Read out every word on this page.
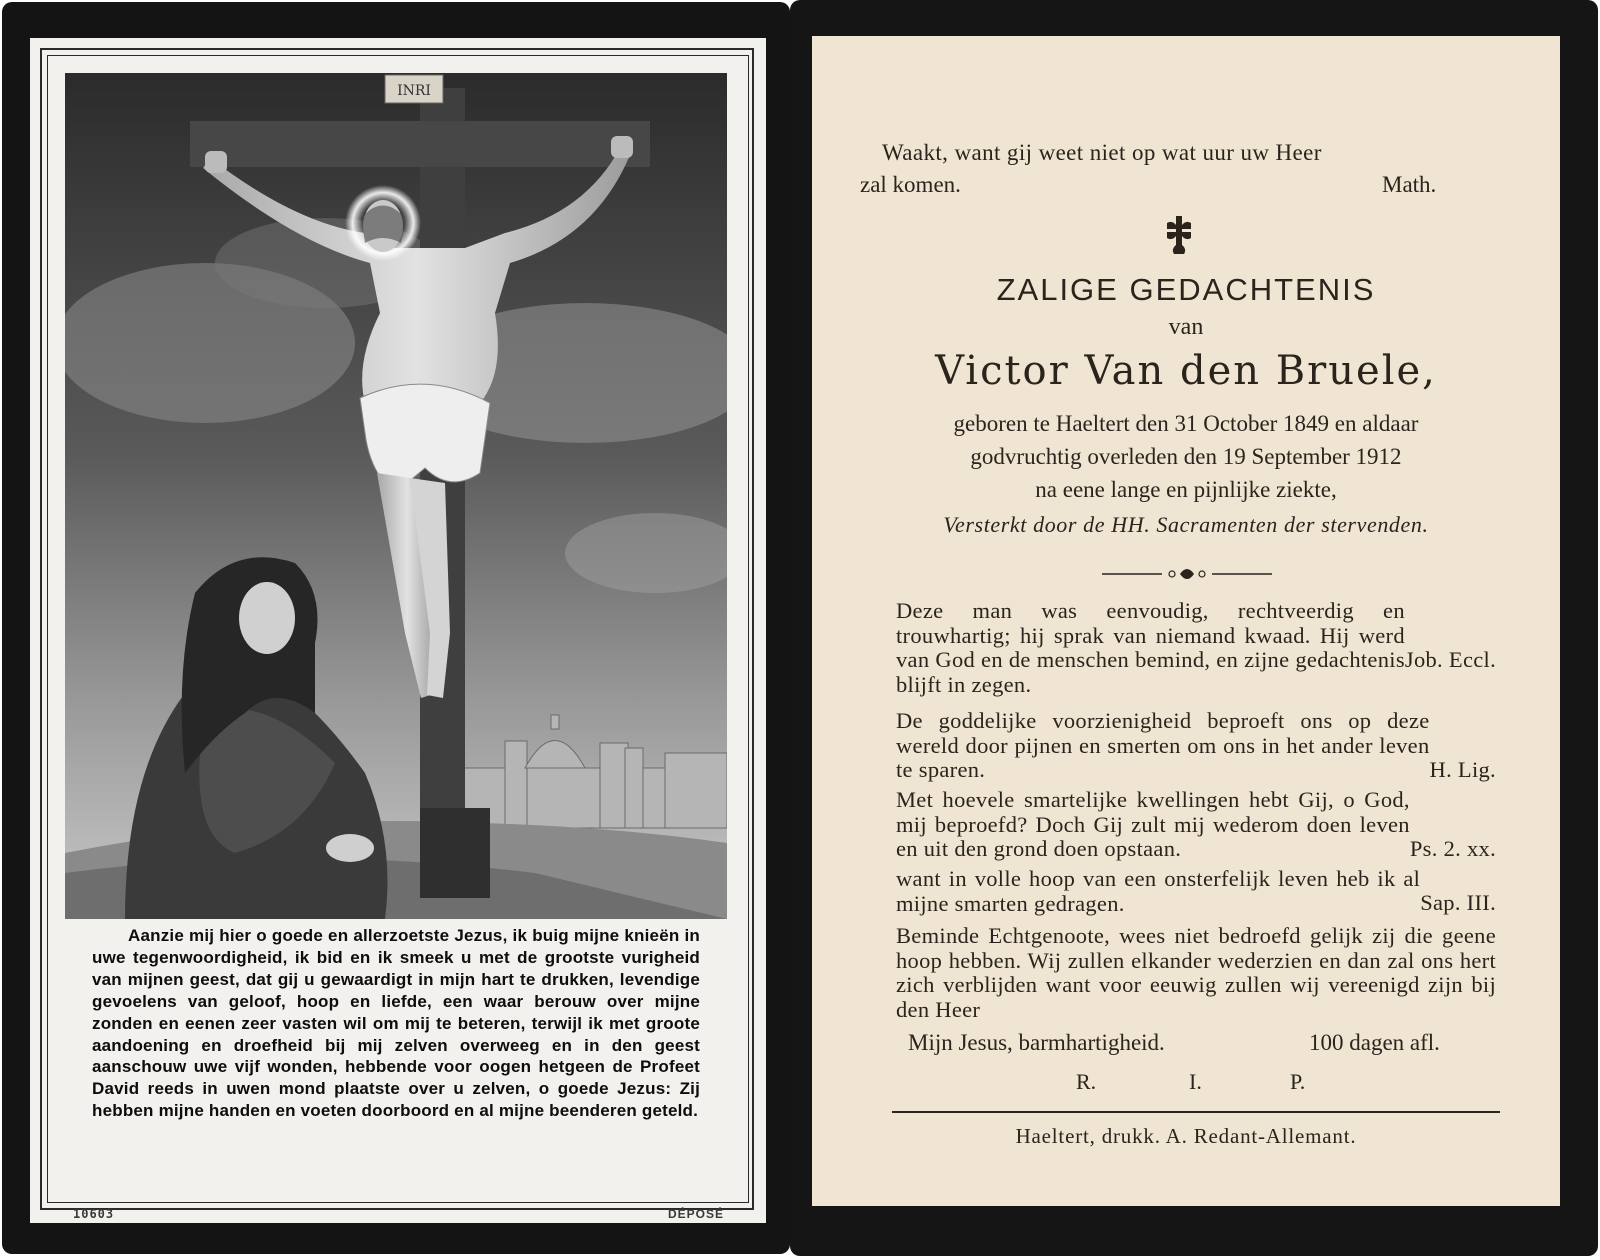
INRI
Aanzie mij hier o goede en allerzoetste Jezus, ik buig mijne knieën in uwe tegenwoordigheid, ik bid en ik smeek u met de grootste vurigheid van mijnen geest, dat gij u gewaardigt in mijn hart te drukken, levendige gevoelens van geloof, hoop en liefde, een waar berouw over mijne zonden en eenen zeer vasten wil om mij te beteren, terwijl ik met groote aandoening en droefheid bij mij zelven overweeg en in den geest aanschouw uwe vijf wonden, hebbende voor oogen hetgeen de Profeet David reeds in uwen mond plaatste over u zelven, o goede Jezus: Zij hebben mijne handen en voeten doorboord en al mijne beenderen geteld.
10603	DÉPOSÉ
Waakt, want gij weet niet op wat uur uw Heer
zal komen.	Math.
ZALIGE GEDACHTENIS
van
Victor Van den Bruele,
geboren te Haeltert den 31 October 1849 en aldaar
godvruchtig overleden den 19 September 1912
na eene lange en pijnlijke ziekte,
Versterkt door de HH. Sacramenten der stervenden.
Job. Eccl.
Deze man was eenvoudig, rechtveerdig en trouwhartig; hij sprak van niemand kwaad. Hij werd van God en de menschen bemind, en zijne gedachtenis blijft in zegen.
H. Lig.
De goddelijke voorzienigheid beproeft ons op deze wereld door pijnen en smerten om ons in het ander leven te sparen.
Ps. 2. xx.
Met hoevele smartelijke kwellingen hebt Gij, o God, mij beproefd? Doch Gij zult mij wederom doen leven en uit den grond doen opstaan.
Sap. III.
want in volle hoop van een onsterfelijk leven heb ik al mijne smarten gedragen.
Beminde Echtgenoote, wees niet bedroefd gelijk zij die geene hoop hebben. Wij zullen elkander wederzien en dan zal ons hert zich verblijden want voor eeuwig zullen wij vereenigd zijn bij den Heer
Mijn Jesus, barmhartigheid.	100 dagen afl.
R.	I.	P.
Haeltert, drukk. A. Redant-Allemant.
